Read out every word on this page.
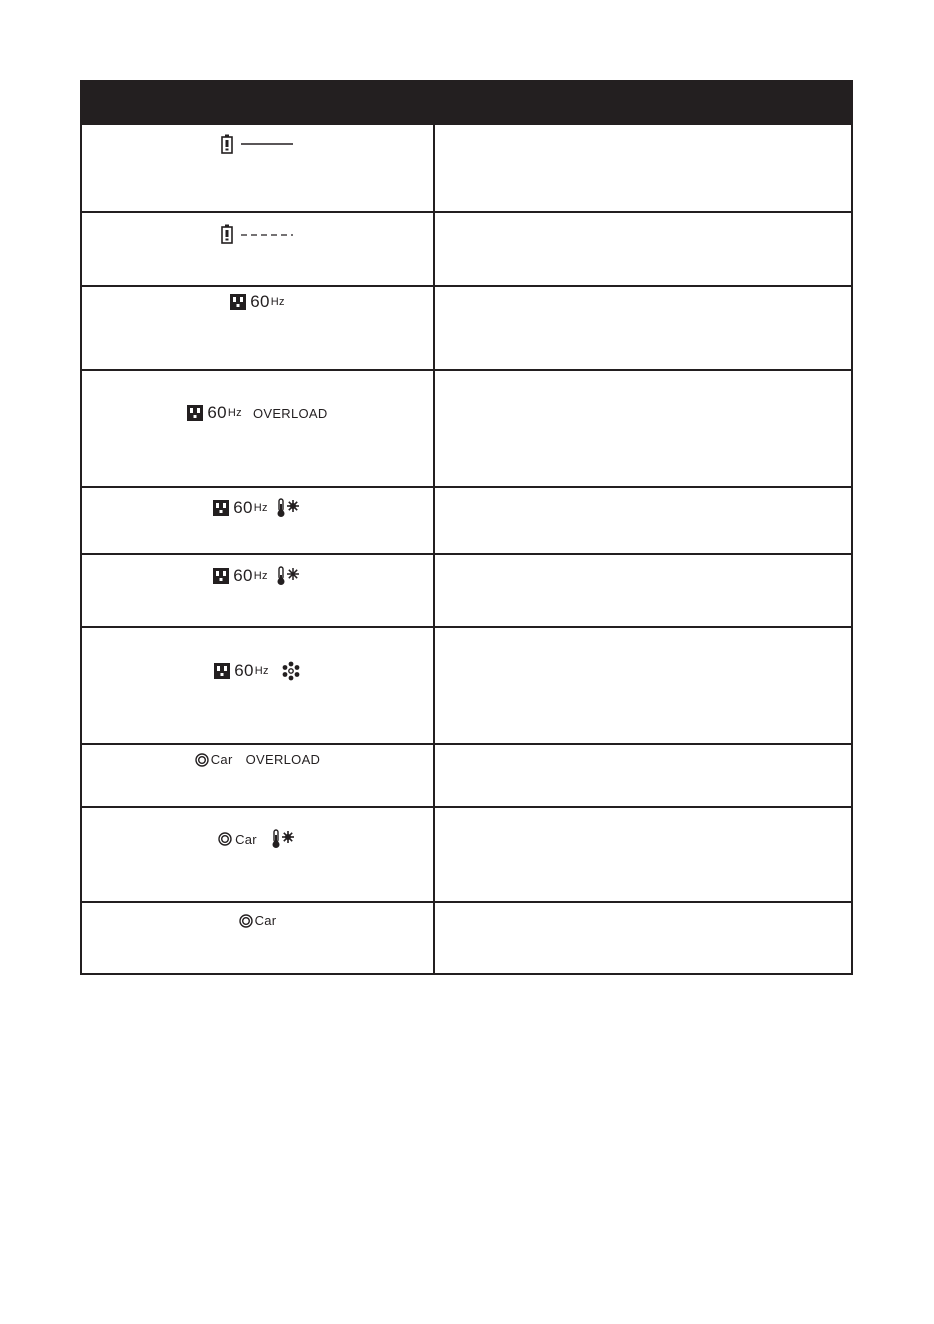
60 Hz
60 Hz OVERLOAD
60 Hz
60 Hz
60 Hz
Car OVERLOAD
Car
Car
